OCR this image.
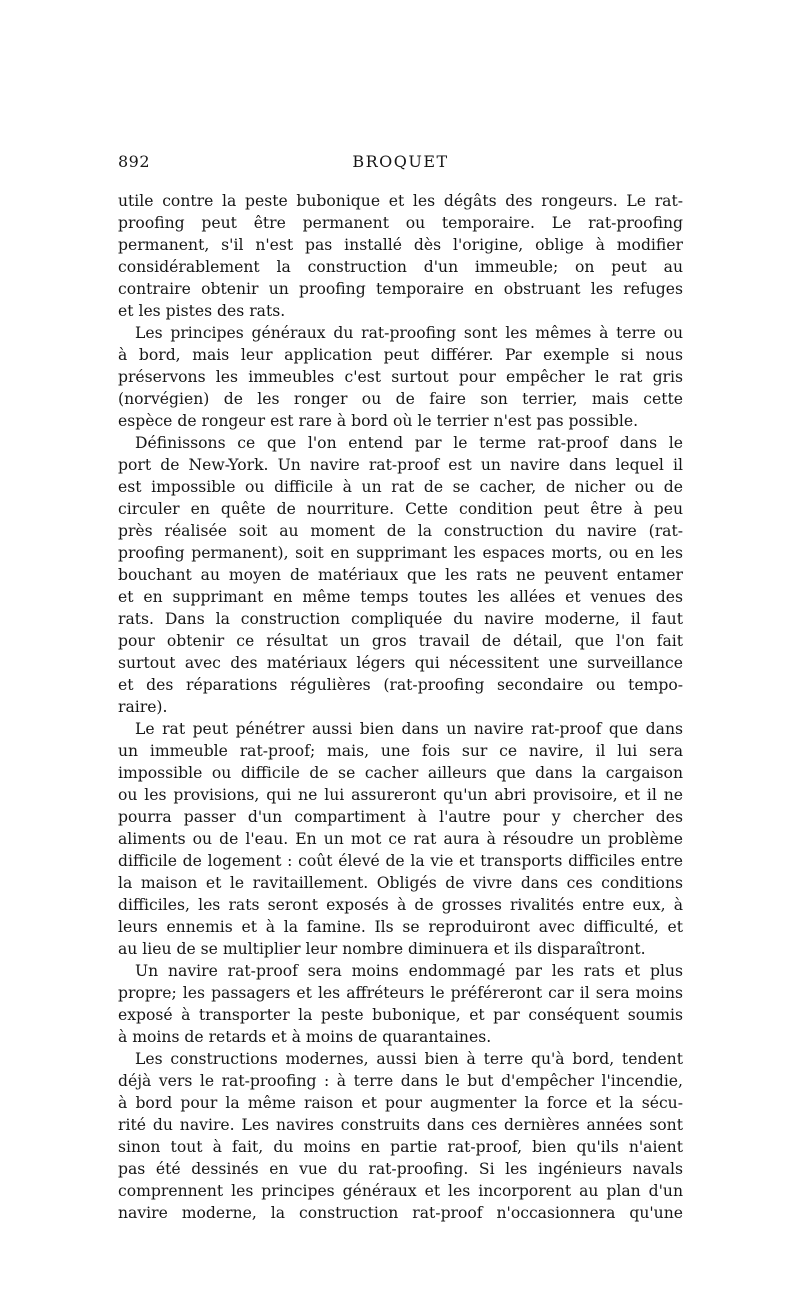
892	BROQUET
utile contre la peste bubonique et les dégâts des rongeurs. Le rat-
proofing peut être permanent ou temporaire. Le rat-proofing
permanent, s'il n'est pas installé dès l'origine, oblige à modifier
considérablement la construction d'un immeuble; on peut au
contraire obtenir un proofing temporaire en obstruant les refuges
et les pistes des rats.
Les principes généraux du rat-proofing sont les mêmes à terre ou
à bord, mais leur application peut différer. Par exemple si nous
préservons les immeubles c'est surtout pour empêcher le rat gris
(norvégien) de les ronger ou de faire son terrier, mais cette
espèce de rongeur est rare à bord où le terrier n'est pas possible.
Définissons ce que l'on entend par le terme rat-proof dans le
port de New-York. Un navire rat-proof est un navire dans lequel il
est impossible ou difficile à un rat de se cacher, de nicher ou de
circuler en quête de nourriture. Cette condition peut être à peu
près réalisée soit au moment de la construction du navire (rat-
proofing permanent), soit en supprimant les espaces morts, ou en les
bouchant au moyen de matériaux que les rats ne peuvent entamer
et en supprimant en même temps toutes les allées et venues des
rats. Dans la construction compliquée du navire moderne, il faut
pour obtenir ce résultat un gros travail de détail, que l'on fait
surtout avec des matériaux légers qui nécessitent une surveillance
et des réparations régulières (rat-proofing secondaire ou tempo-
raire).
Le rat peut pénétrer aussi bien dans un navire rat-proof que dans
un immeuble rat-proof; mais, une fois sur ce navire, il lui sera
impossible ou difficile de se cacher ailleurs que dans la cargaison
ou les provisions, qui ne lui assureront qu'un abri provisoire, et il ne
pourra passer d'un compartiment à l'autre pour y chercher des
aliments ou de l'eau. En un mot ce rat aura à résoudre un problème
difficile de logement : coût élevé de la vie et transports difficiles entre
la maison et le ravitaillement. Obligés de vivre dans ces conditions
difficiles, les rats seront exposés à de grosses rivalités entre eux, à
leurs ennemis et à la famine. Ils se reproduiront avec difficulté, et
au lieu de se multiplier leur nombre diminuera et ils disparaîtront.
Un navire rat-proof sera moins endommagé par les rats et plus
propre; les passagers et les affréteurs le préféreront car il sera moins
exposé à transporter la peste bubonique, et par conséquent soumis
à moins de retards et à moins de quarantaines.
Les constructions modernes, aussi bien à terre qu'à bord, tendent
déjà vers le rat-proofing : à terre dans le but d'empêcher l'incendie,
à bord pour la même raison et pour augmenter la force et la sécu-
rité du navire. Les navires construits dans ces dernières années sont
sinon tout à fait, du moins en partie rat-proof, bien qu'ils n'aient
pas été dessinés en vue du rat-proofing. Si les ingénieurs navals
comprennent les principes généraux et les incorporent au plan d'un
navire moderne, la construction rat-proof n'occasionnera qu'une
